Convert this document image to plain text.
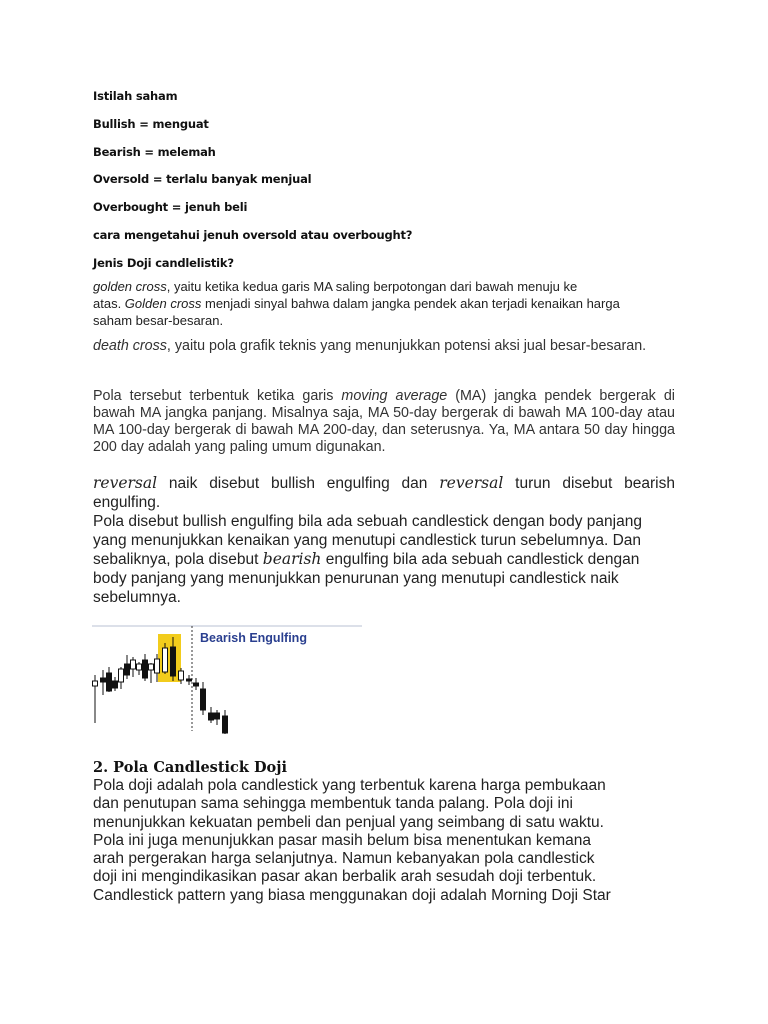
Istilah saham
Bullish = menguat
Bearish = melemah
Oversold = terlalu banyak menjual
Overbought = jenuh beli
cara mengetahui jenuh oversold atau overbought?
Jenis Doji candlelistik?
golden cross, yaitu ketika kedua garis MA saling berpotongan dari bawah menuju ke
atas. Golden cross menjadi sinyal bahwa dalam jangka pendek akan terjadi kenaikan harga
saham besar-besaran.
death cross, yaitu pola grafik teknis yang menunjukkan potensi aksi jual besar-besaran.
Pola tersebut terbentuk ketika garis moving average (MA) jangka pendek bergerak di bawah MA jangka panjang. Misalnya saja, MA 50-day bergerak di bawah MA 100-day atau MA 100-day bergerak di bawah MA 200-day, dan seterusnya. Ya, MA antara 50 day hingga 200 day adalah yang paling umum digunakan.
reversal naik disebut bullish engulfing dan reversal turun disebut bearish engulfing.
Pola disebut bullish engulfing bila ada sebuah candlestick dengan body panjang yang menunjukkan kenaikan yang menutupi candlestick turun sebelumnya. Dan sebaliknya, pola disebut bearish engulfing bila ada sebuah candlestick dengan body panjang yang menunjukkan penurunan yang menutupi candlestick naik sebelumnya.
Bearish Engulfing
2. Pola Candlestick Doji
Pola doji adalah pola candlestick yang terbentuk karena harga pembukaan
dan penutupan sama sehingga membentuk tanda palang. Pola doji ini
menunjukkan kekuatan pembeli dan penjual yang seimbang di satu waktu.
Pola ini juga menunjukkan pasar masih belum bisa menentukan kemana
arah pergerakan harga selanjutnya. Namun kebanyakan pola candlestick
doji ini mengindikasikan pasar akan berbalik arah sesudah doji terbentuk.
Candlestick pattern yang biasa menggunakan doji adalah Morning Doji Star
